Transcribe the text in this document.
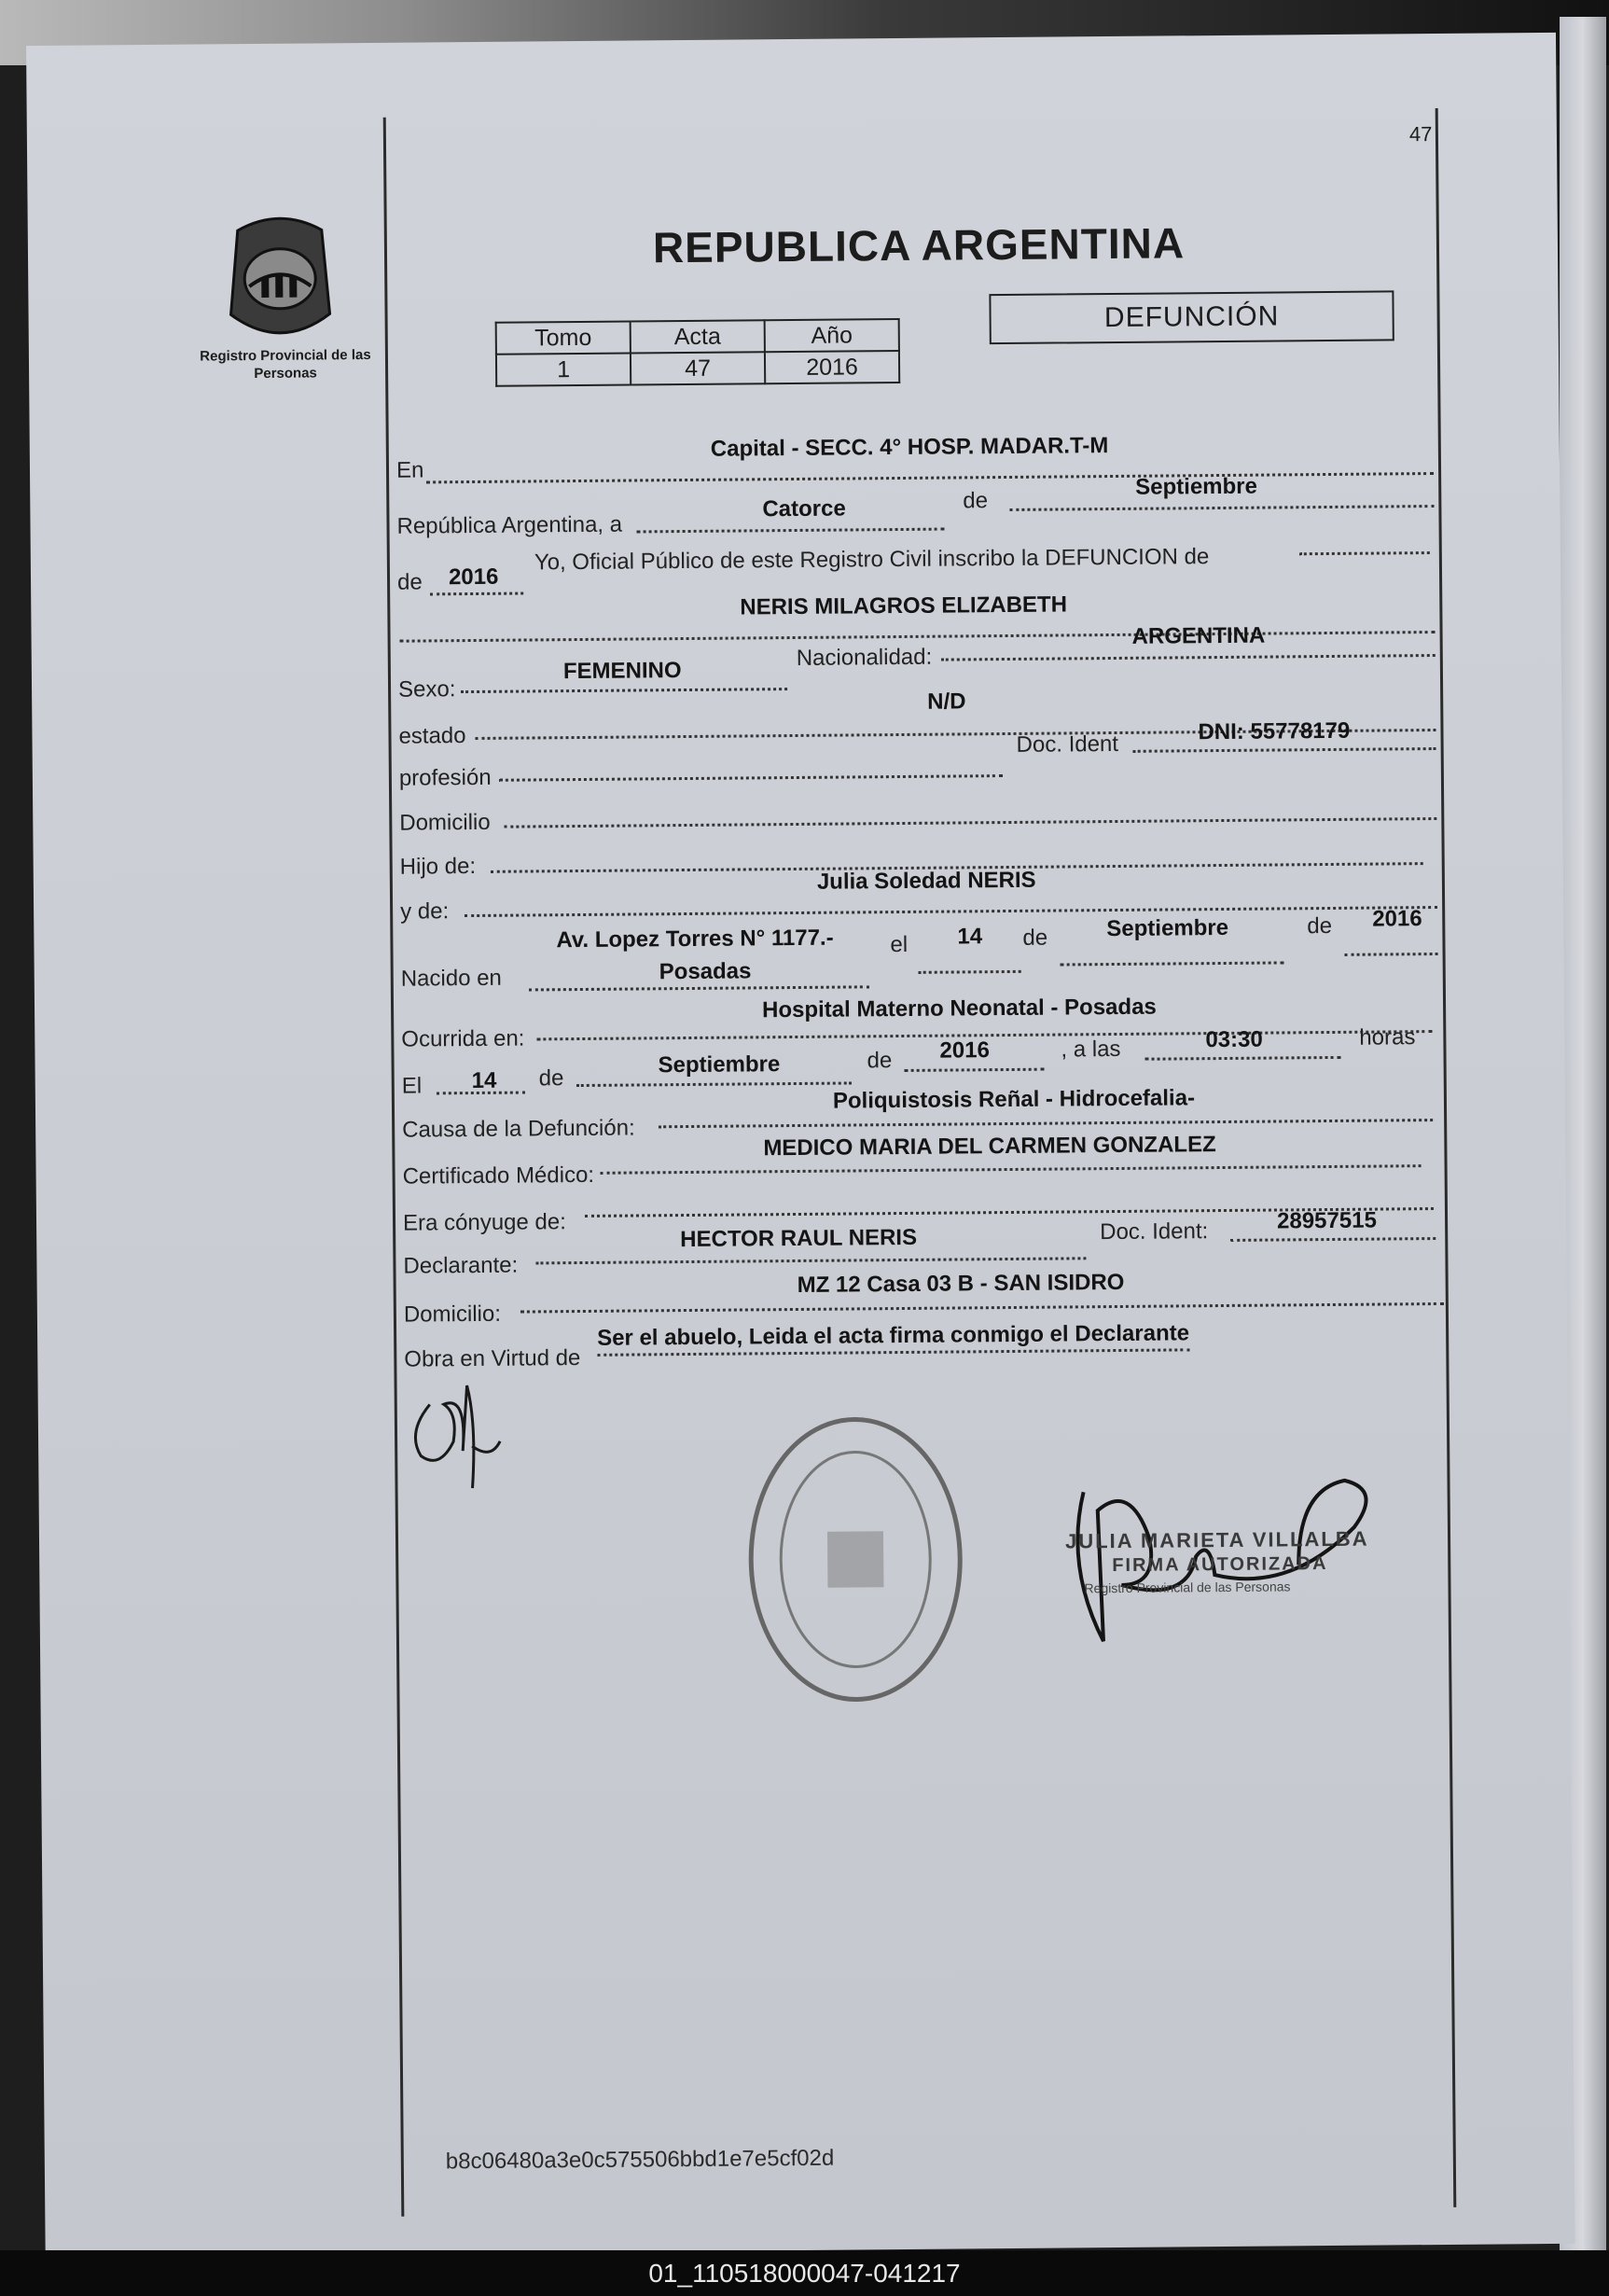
47
Registro Provincial de las Personas
REPUBLICA ARGENTINA
Tomo	Acta	Año
1	47	2016
DEFUNCIÓN
En
Capital - SECC. 4° HOSP. MADAR.T-M
República Argentina, a
Catorce	de
Septiembre
de 2016
Yo, Oficial Público de este Registro Civil inscribo la DEFUNCION de
NERIS MILAGROS ELIZABETH
Sexo:
FEMENINO
Nacionalidad:
ARGENTINA
estado
N/D
profesión
Doc. Ident	DNI: 55778179
Domicilio
Hijo de:
y de:
Julia Soledad NERIS
Nacido en
Av. Lopez Torres N° 1177.-
Posadas
el 14 de	Septiembre	de 2016
Ocurrida en:
Hospital Materno Neonatal - Posadas
El 14 de
Septiembre	de 2016	, a las	03:30	horas
Causa de la Defunción:
Poliquistosis Reñal - Hidrocefalia-
Certificado Médico:
MEDICO MARIA DEL CARMEN GONZALEZ
Era cónyuge de:
Declarante:
HECTOR RAUL NERIS	Doc. Ident:	28957515
Domicilio:
MZ 12 Casa 03 B - SAN ISIDRO
Obra en Virtud de
Ser el abuelo, Leida el acta firma conmigo el Declarante
JULIA MARIETA VILLALBA
FIRMA AUTORIZADA
Registro Provincial de las Personas
b8c06480a3e0c575506bbd1e7e5cf02d
01_110518000047-041217
